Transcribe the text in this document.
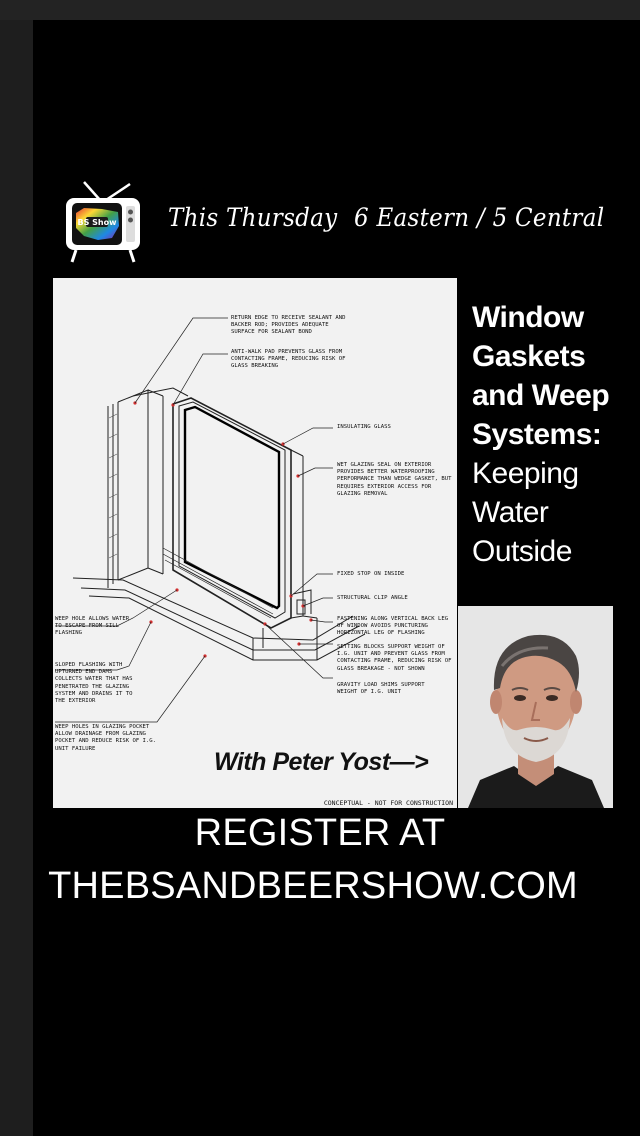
BS Show This Thursday 6 Eastern / 5 Central
RETURN EDGE TO RECEIVE SEALANT AND BACKER ROD; PROVIDES ADEQUATE SURFACE FOR SEALANT BOND
ANTI-WALK PAD PREVENTS GLASS FROM CONTACTING FRAME, REDUCING RISK OF GLASS BREAKING
INSULATING GLASS
WET GLAZING SEAL ON EXTERIOR PROVIDES BETTER WATERPROOFING PERFORMANCE THAN WEDGE GASKET, BUT REQUIRES EXTERIOR ACCESS FOR GLAZING REMOVAL
FIXED STOP ON INSIDE
STRUCTURAL CLIP ANGLE
FASTENING ALONG VERTICAL BACK LEG OF WINDOW AVOIDS PUNCTURING HORIZONTAL LEG OF FLASHING
SETTING BLOCKS SUPPORT WEIGHT OF I.G. UNIT AND PREVENT GLASS FROM CONTACTING FRAME, REDUCING RISK OF GLASS BREAKAGE - NOT SHOWN
GRAVITY LOAD SHIMS SUPPORT WEIGHT OF I.G. UNIT
WEEP HOLE ALLOWS WATER TO ESCAPE FROM SILL FLASHING
SLOPED FLASHING WITH UPTURNED END DAMS COLLECTS WATER THAT HAS PENETRATED THE GLAZING SYSTEM AND DRAINS IT TO THE EXTERIOR
WEEP HOLES IN GLAZING POCKET ALLOW DRAINAGE FROM GLAZING POCKET AND REDUCE RISK OF I.G. UNIT FAILURE	With Peter Yost—>
CONCEPTUAL - NOT FOR CONSTRUCTION
Window
Gaskets
and Weep
Systems:
Keeping
Water
Outside
REGISTER AT
THEBSANDBEERSHOW.COM
